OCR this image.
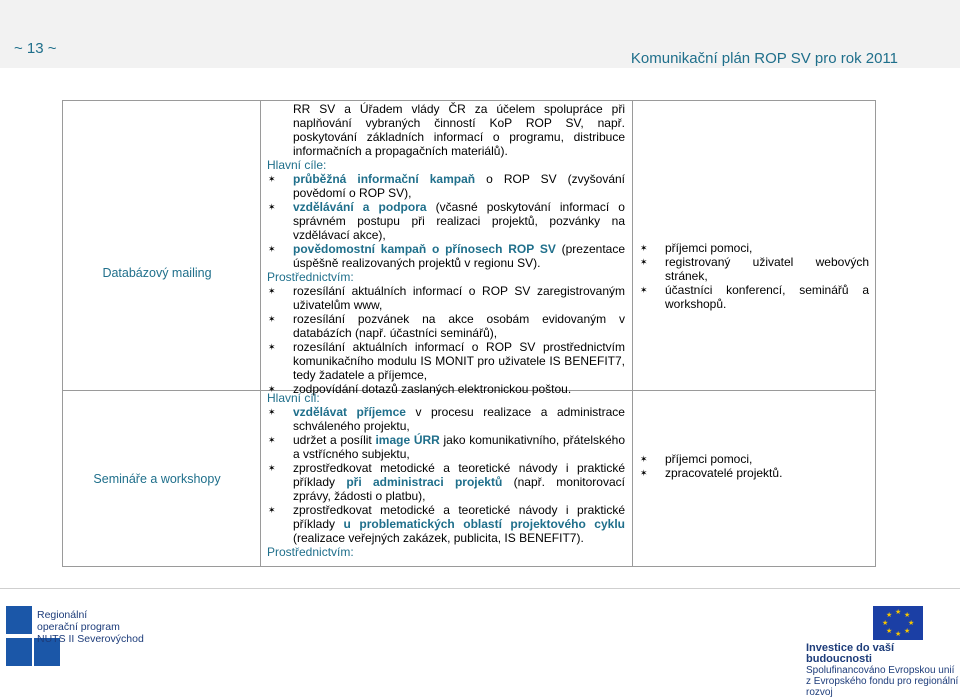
~ 13 ~
Komunikační plán ROP SV pro rok 2011
Databázový mailing

RR SV a Úřadem vlády ČR za účelem spolupráce při naplňování vybraných činností KoP ROP SV, např. poskytování základních informací o programu, distribuce informačních a propagačních materiálů).

Hlavní cíle:

✶ průběžná informační kampaň o ROP SV (zvyšování povědomí o ROP SV),
✶ vzdělávání a podpora (včasné poskytování informací o správném postupu při realizaci projektů, pozvánky na vzdělávací akce),
✶ povědomostní kampaň o přínosech ROP SV (prezentace úspěšně realizovaných projektů v regionu SV).

Prostřednictvím:

✶ rozesílání aktuálních informací o ROP SV zaregistrovaným uživatelům www,
✶ rozesílání pozvánek na akce osobám evidovaným v databázích (např. účastníci seminářů),
✶ rozesílání aktuálních informací o ROP SV prostřednictvím komunikačního modulu IS MONIT pro uživatele IS BENEFIT7, tedy žadatele a příjemce,
✶ zodpovídání dotazů zaslaných elektronickou poštou.
✶ příjemci pomoci,
✶ registrovaný uživatel webových stránek,
✶ účastníci konferencí, seminářů a workshopů.
Semináře a workshopy

Hlavní cíl:

✶ vzdělávat příjemce v procesu realizace a administrace schváleného projektu,
✶ udržet a posílit image ÚRR jako komunikativního, přátelského a vstřícného subjektu,
✶ zprostředkovat metodické a teoretické návody i praktické příklady při administraci projektů (např. monitorovací zprávy, žádosti o platbu),
✶ zprostředkovat metodické a teoretické návody i praktické příklady u problematických oblastí projektového cyklu (realizace veřejných zakázek, publicita, IS BENEFIT7).

Prostřednictvím:

✶ příjemci pomoci,
✶ zpracovatelé projektů.
Regionální
operační program
NUTS II Severovýchod
★ ★
★
★
★
★
★
★
Investice do vaší budoucnosti
Spolufinancováno Evropskou unií
z Evropského fondu pro regionální rozvoj
